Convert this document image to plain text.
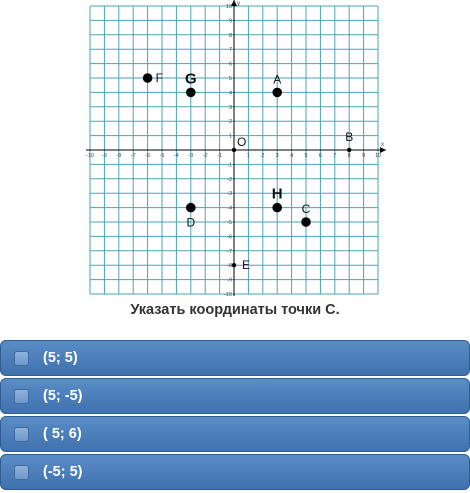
x
y
-10 -9 -8 -7 -6 -5 -4 -3 -2 -1	1 2 3 4 5 6 7 8 9 10
-10
-9
-8
-7
-6
-5
-4
-3
-2
-1
1
2
3
4
5
6
7
8
9
10
F G	A
B
O
H
C
D
E
Указать координаты точки С.
(5; 5)
(5; -5)
( 5; 6)
(-5; 5)
